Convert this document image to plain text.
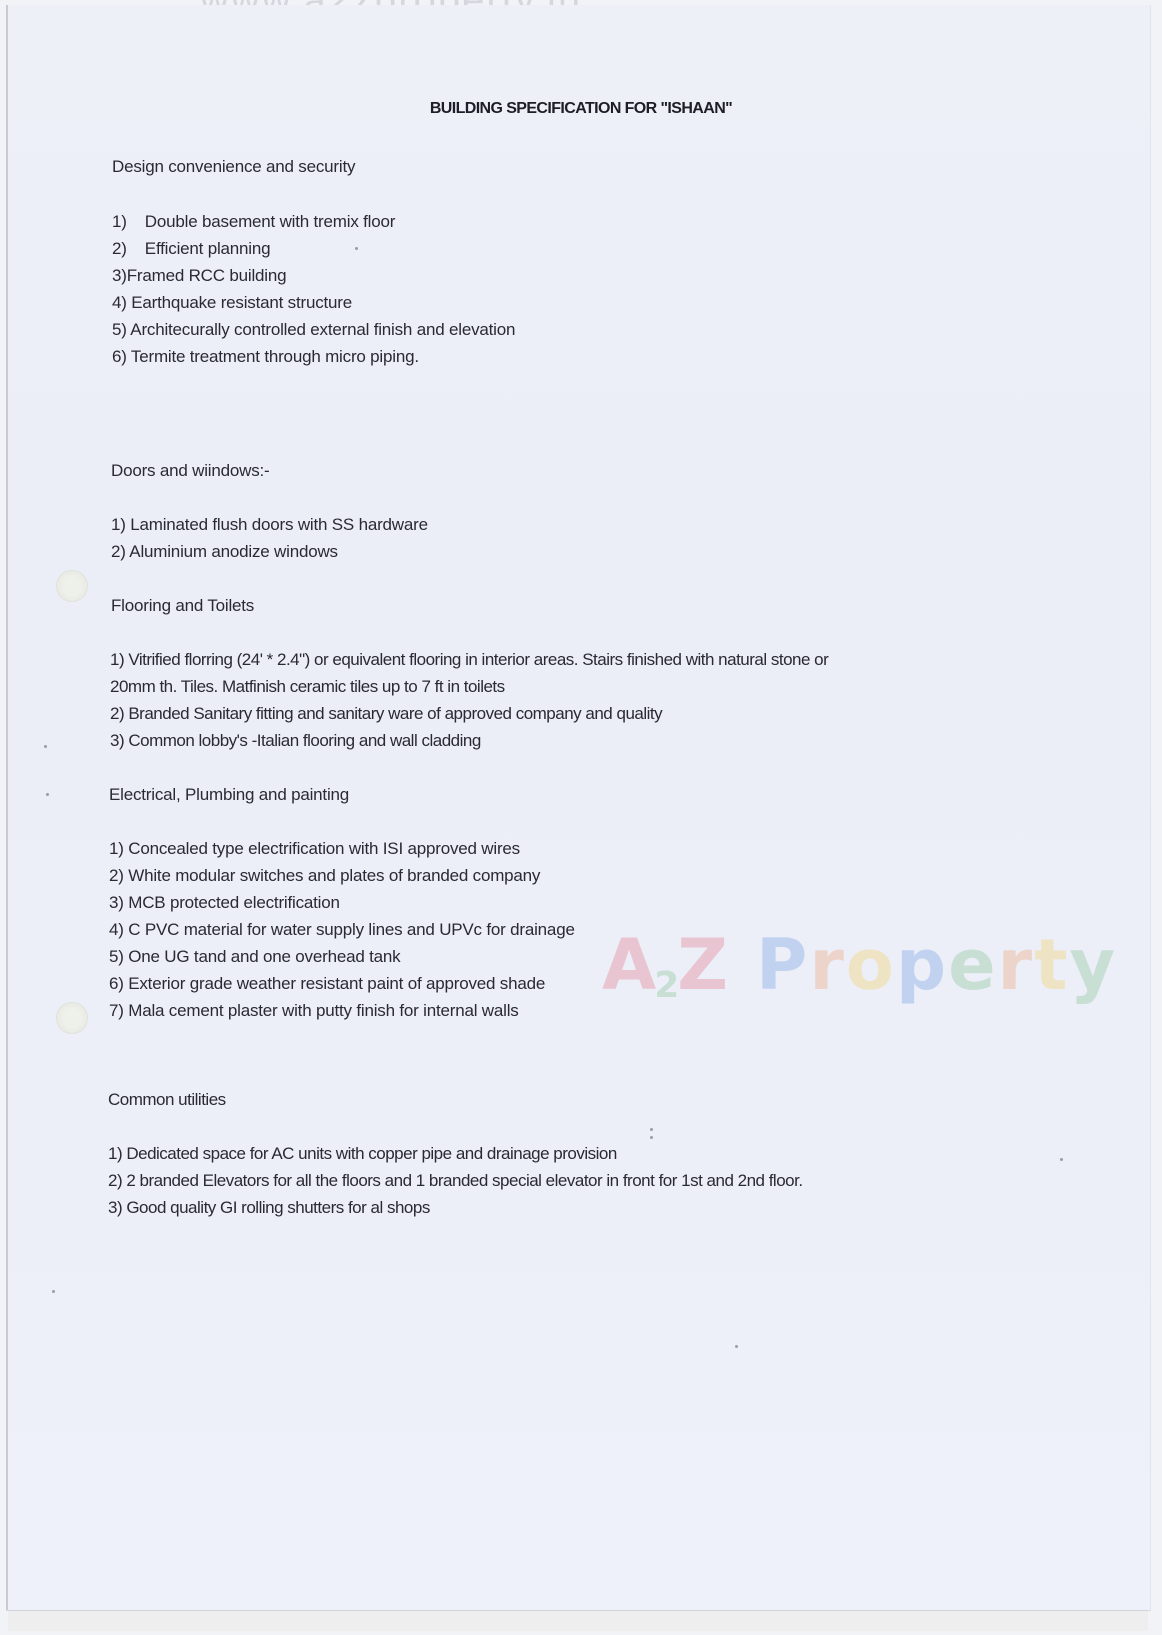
BUILDING SPECIFICATION FOR "ISHAAN"
Design convenience and security
1)    Double basement with tremix floor
2)    Efficient planning
3)Framed RCC building
4) Earthquake resistant structure
5) Architecurally controlled external finish and elevation
6) Termite treatment through micro piping.
Doors and wiindows:-
1) Laminated flush doors with SS hardware
2) Aluminium anodize windows
Flooring and Toilets
1) Vitrified florring (24' * 2.4") or equivalent flooring in interior areas. Stairs finished with natural stone or
20mm th. Tiles. Matfinish ceramic tiles up to 7 ft in toilets
2) Branded Sanitary fitting and sanitary ware of approved company and quality
3) Common lobby's -Italian flooring and wall cladding
Electrical, Plumbing and painting
1) Concealed type electrification with ISI approved wires
2) White modular switches and plates of branded company
3) MCB protected electrification
4) C PVC material for water supply lines and UPVc for drainage
5) One UG tand and one overhead tank
6) Exterior grade weather resistant paint of approved shade
7) Mala cement plaster with putty finish for internal walls
Common utilities
1) Dedicated space for AC units with copper pipe and drainage provision
2) 2 branded Elevators for all the floors and 1 branded special elevator in front for 1st and 2nd floor.
3) Good quality GI rolling shutters for al shops
A2Z Property
